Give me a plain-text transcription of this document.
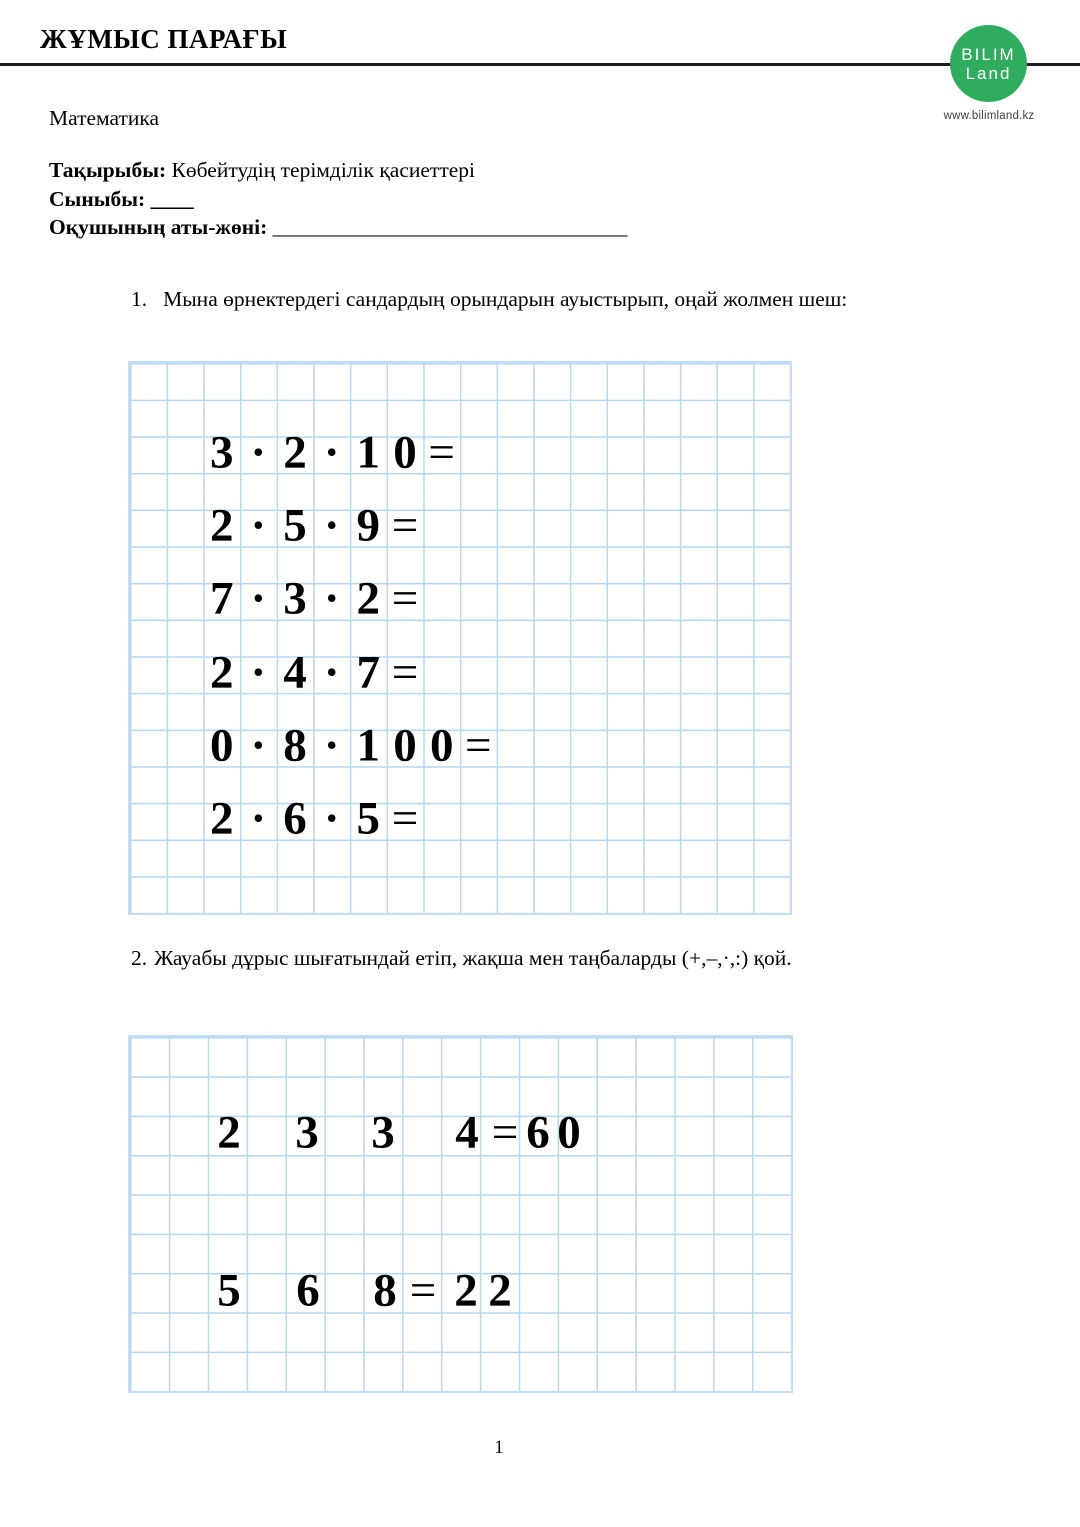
ЖҰМЫС ПАРАҒЫ	BILIM
Land
www.bilimland.kz
Математика
Тақырыбы: Көбейтудің терімділік қасиеттері
Сыныбы: ____
Оқушының аты-жөні: _________________________________
1. Мына өрнектердегі сандардың орындарын ауыстырып, оңай жолмен шеш:
3 · 2 · 1 0 =
2 · 5 · 9 =
7 · 3 · 2 =
2 · 4 · 7 =
0 · 8 · 1 0 0 =
2 · 6 · 5 =
2. Жауабы дұрыс шығатындай етіп, жақша мен таңбаларды (+,–,·,:) қой.
2 3 3 4 = 6 0
5 6 8 = 2 2
1
